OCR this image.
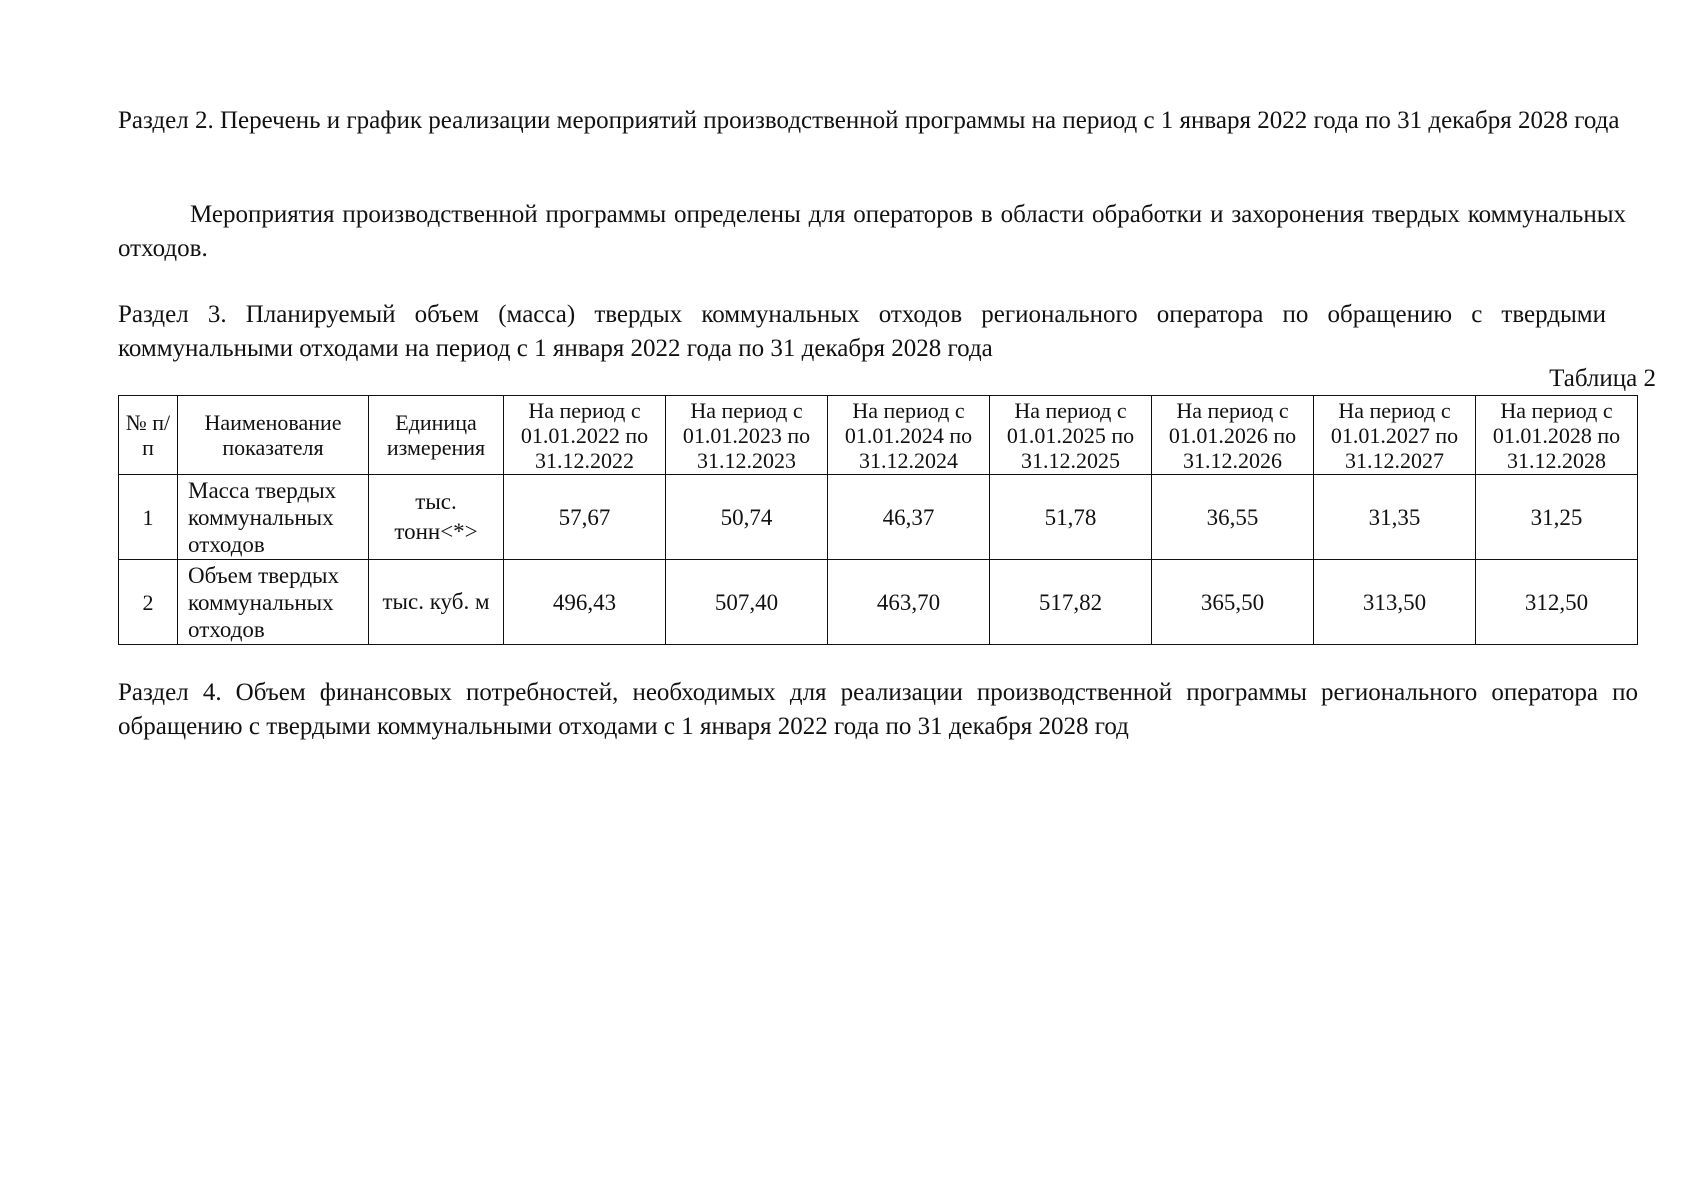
Раздел 2. Перечень и график реализации мероприятий производственной программы на период с 1 января 2022 года по 31 декабря 2028 года

Мероприятия производственной программы определены для операторов в области обработки и захоронения твердых коммунальных отходов.

Раздел 3. Планируемый объем (масса) твердых коммунальных отходов регионального оператора по обращению с твердыми коммунальными отходами на период с 1 января 2022 года по 31 декабря 2028 года

Таблица 2
№ п/п	Наименование показателя	Единица измерения	На период с 01.01.2022 по 31.12.2022	На период с 01.01.2023 по 31.12.2023	На период с 01.01.2024 по 31.12.2024	На период с 01.01.2025 по 31.12.2025	На период с 01.01.2026 по 31.12.2026	На период с 01.01.2027 по 31.12.2027	На период с 01.01.2028 по 31.12.2028
1	Масса твердых коммунальных отходов	тыс. тонн<*>	57,67	50,74	46,37	51,78	36,55	31,35	31,25
2	Объем твердых коммунальных отходов	тыс. куб. м	496,43	507,40	463,70	517,82	365,50	313,50	312,50

Раздел 4. Объем финансовых потребностей, необходимых для реализации производственной программы регионального оператора по обращению с твердыми коммунальными отходами с 1 января 2022 года по 31 декабря 2028 год
